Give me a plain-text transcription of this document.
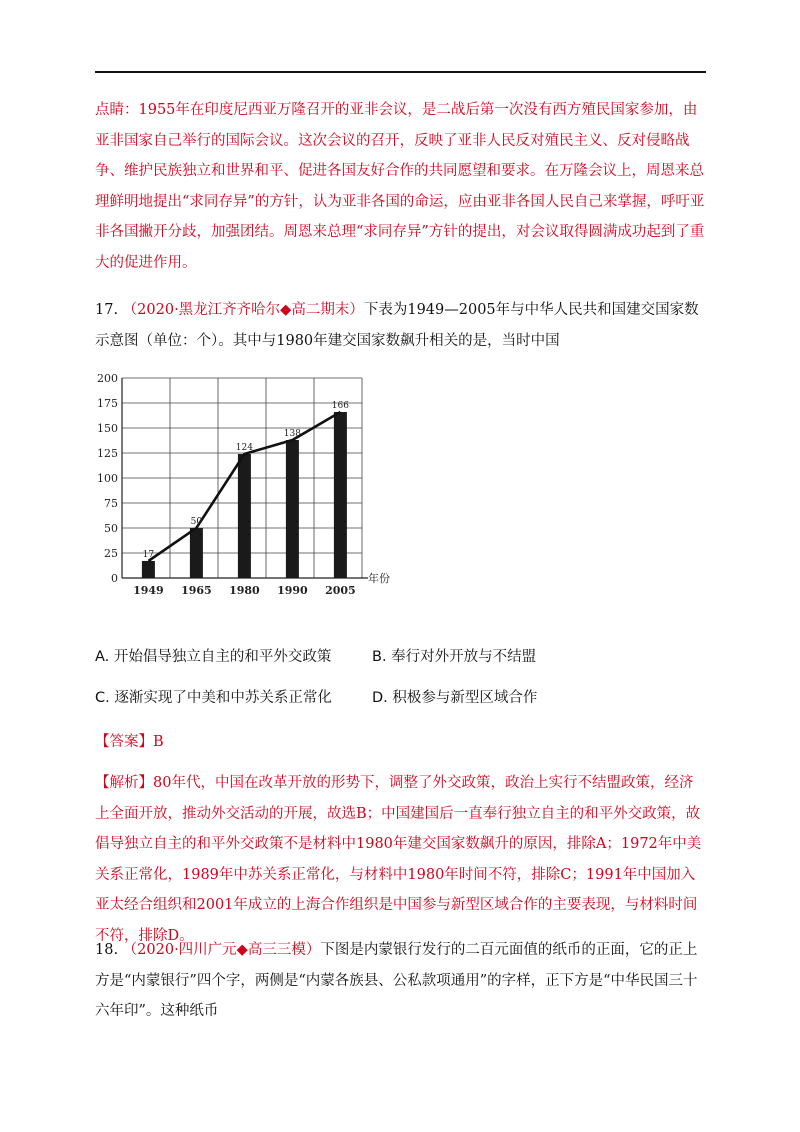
点睛：1955年在印度尼西亚万隆召开的亚非会议，是二战后第一次没有西方殖民国家参加，由亚非国家自己举行的国际会议。这次会议的召开，反映了亚非人民反对殖民主义、反对侵略战争、维护民族独立和世界和平、促进各国友好合作的共同愿望和要求。在万隆会议上，周恩来总理鲜明地提出“求同存异”的方针，认为亚非各国的命运，应由亚非各国人民自己来掌握，呼吁亚非各国撇开分歧，加强团结。周恩来总理“求同存异”方针的提出，对会议取得圆满成功起到了重大的促进作用。
17. （2020·黑龙江齐齐哈尔◆高二期末）下表为1949—2005年与中华人民共和国建交国家数示意图（单位：个）。其中与1980年建交国家数飙升相关的是，当时中国
0
25
50
75
100
125
150
175
200
17
50
124
138
166
1949 1965 1980 1990 2005
年份
A. 开始倡导独立自主的和平外交政策	B. 奉行对外开放与不结盟
C. 逐渐实现了中美和中苏关系正常化	D. 积极参与新型区域合作
【答案】B
【解析】80年代，中国在改革开放的形势下，调整了外交政策，政治上实行不结盟政策，经济上全面开放，推动外交活动的开展，故选B；中国建国后一直奉行独立自主的和平外交政策，故倡导独立自主的和平外交政策不是材料中1980年建交国家数飙升的原因，排除A；1972年中美关系正常化，1989年中苏关系正常化，与材料中1980年时间不符，排除C；1991年中国加入亚太经合组织和2001年成立的上海合作组织是中国参与新型区域合作的主要表现，与材料时间不符，排除D。
18. （2020·四川广元◆高三三模）下图是内蒙银行发行的二百元面值的纸币的正面，它的正上方是“内蒙银行”四个字，两侧是“内蒙各族县、公私款项通用”的字样，正下方是“中华民国三十六年印”。这种纸币
